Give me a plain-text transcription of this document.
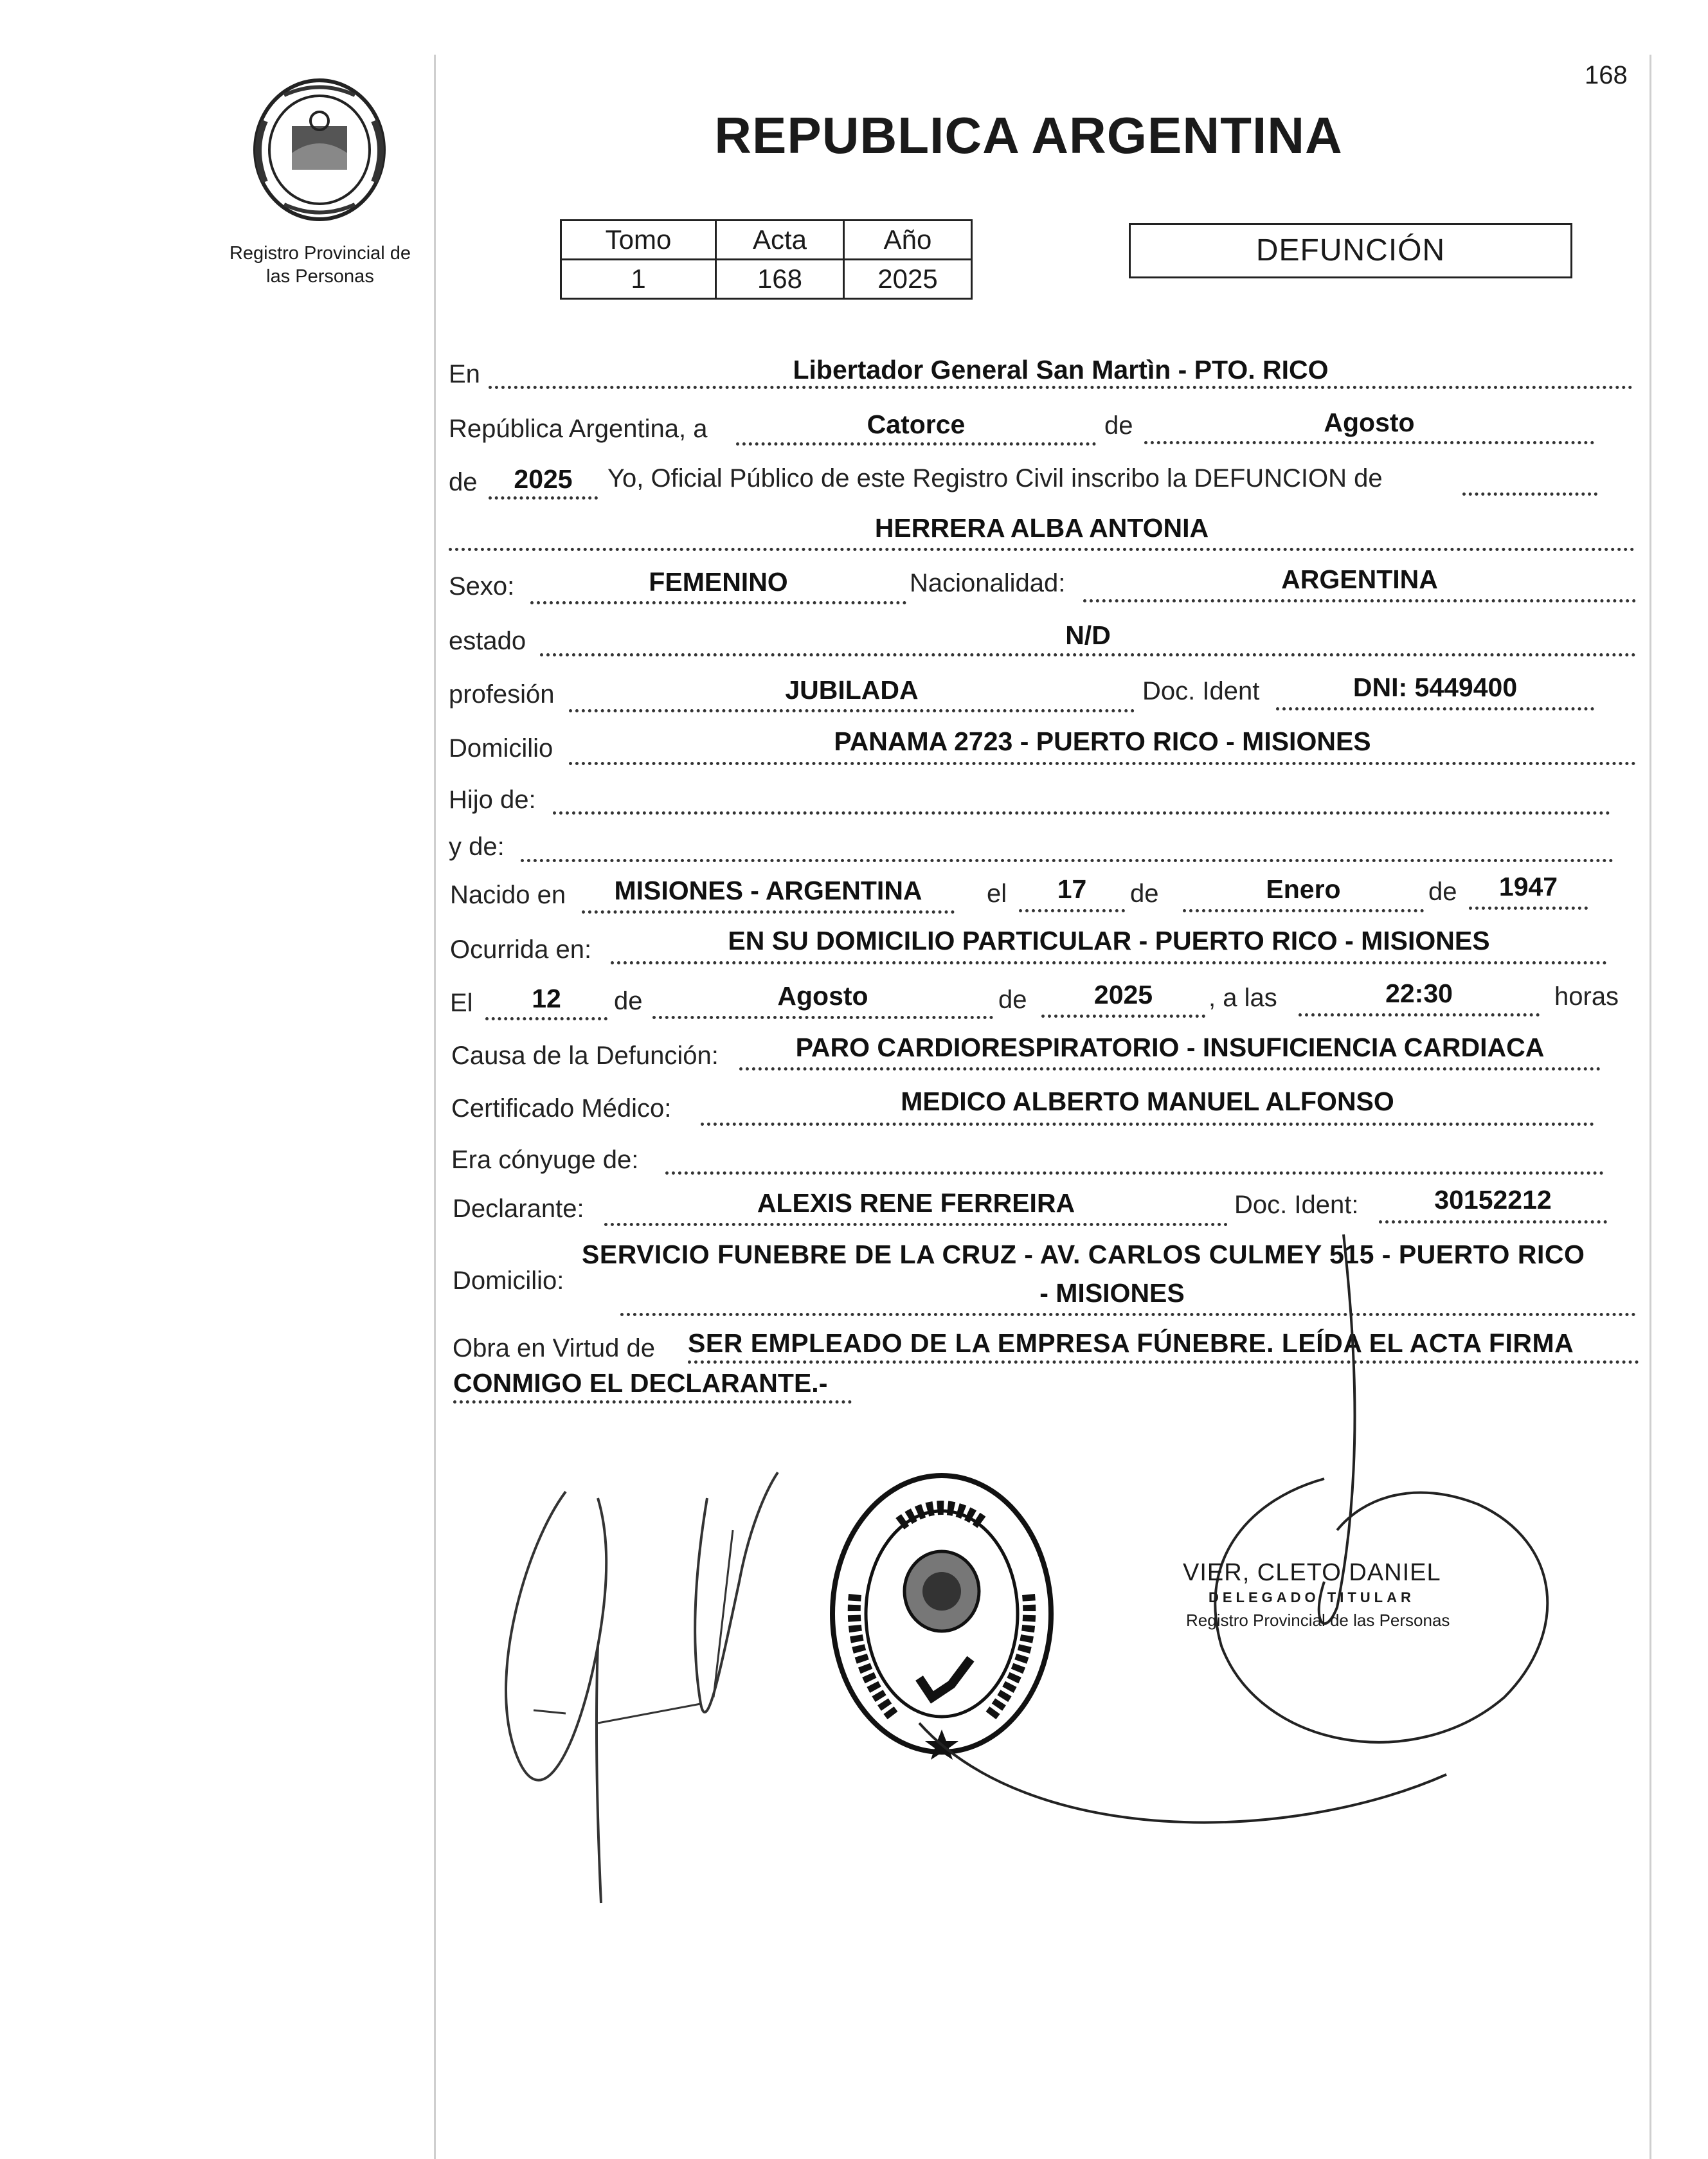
168
Registro Provincial de las Personas
REPUBLICA ARGENTINA
Tomo	Acta	Año
1	168	2025
DEFUNCIÓN
En	Libertador General San Martìn - PTO. RICO
República Argentina, a	Catorce	de	Agosto
de	2025	Yo, Oficial Público de este Registro Civil inscribo la DEFUNCION de
HERRERA ALBA ANTONIA
Sexo:	FEMENINO	Nacionalidad:	ARGENTINA
estado	N/D
profesión	JUBILADA	Doc. Ident	DNI: 5449400
Domicilio	PANAMA 2723 - PUERTO RICO - MISIONES
Hijo de:
y de:
Nacido en	MISIONES - ARGENTINA	el	17	de	Enero	de	1947
Ocurrida en:	EN SU DOMICILIO PARTICULAR - PUERTO RICO - MISIONES
El	12	de	Agosto	de	2025	, a las	22:30	horas
Causa de la Defunción:	PARO CARDIORESPIRATORIO - INSUFICIENCIA CARDIACA
Certificado Médico:	MEDICO ALBERTO MANUEL ALFONSO
Era cónyuge de:
Declarante:	ALEXIS RENE FERREIRA	Doc. Ident:	30152212
Domicilio:
SERVICIO FUNEBRE DE LA CRUZ - AV. CARLOS CULMEY 515 - PUERTO RICO
- MISIONES
Obra en Virtud de SER EMPLEADO DE LA EMPRESA FÚNEBRE. LEÍDA EL ACTA FIRMA
CONMIGO EL DECLARANTE.-
VIER, CLETO DANIEL
DELEGADO TITULAR
Registro Provincial de las Personas
